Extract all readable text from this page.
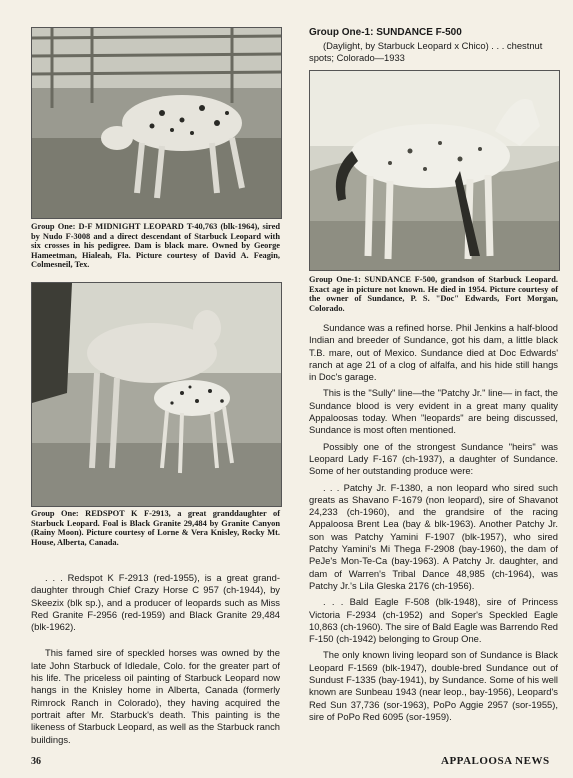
Group One: D-F MIDNIGHT LEOPARD T-40,763 (blk-1964), sired by Nudo F-3008 and a direct descendant of Starbuck Leopard with six crosses in his pedigree. Dam is black mare. Owned by George Hameetman, Hialeah, Fla. Picture courtesy of David A. Feagin, Colmesneil, Tex.

Group One: REDSPOT K F-2913, a great granddaughter of Starbuck Leopard. Foal is Black Granite 29,484 by Granite Canyon (Rainy Moon). Picture courtesy of Lorne & Vera Knisley, Rocky Mt. House, Alberta, Canada.

. . . Redspot K F-2913 (red-1955), is a great grand-daughter through Chief Crazy Horse C 957 (ch-1944), by Skeezix (blk sp.), and a producer of leopards such as Miss Red Granite F-2956 (red-1959) and Black Granite 29,484 (blk-1962).

This famed sire of speckled horses was owned by the late John Starbuck of Idledale, Colo. for the greater part of his life. The priceless oil painting of Starbuck Leopard now hangs in the Knisley home in Alberta, Canada (formerly Rimrock Ranch in Colorado), they having acquired the portrait after Mr. Starbuck's death. This painting is the likeness of Starbuck Leopard, as well as the Starbuck ranch buildings.

Group One-1: SUNDANCE F-500

(Daylight, by Starbuck Leopard x Chico) . . . chestnut spots; Colorado—1933

Group One-1: SUNDANCE F-500, grandson of Starbuck Leopard. Exact age in picture not known. He died in 1954. Picture courtesy of the owner of Sundance, P. S. "Doc" Edwards, Fort Morgan, Colorado.

Sundance was a refined horse. Phil Jenkins a half-blood Indian and breeder of Sundance, got his dam, a little black T.B. mare, out of Mexico. Sundance died at Doc Edwards' ranch at age 21 of a clog of alfalfa, and his hide still hangs in Doc's garage.

This is the "Sully" line—the "Patchy Jr." line— in fact, the Sundance blood is very evident in a great many quality Appaloosas today. When "leopards" are being discussed, Sundance is most often mentioned.

Possibly one of the strongest Sundance "heirs" was Leopard Lady F-167 (ch-1937), a daughter of Sundance. Some of her outstanding produce were:

. . . Patchy Jr. F-1380, a non leopard who sired such greats as Shavano F-1679 (non leopard), sire of Shavanot 24,233 (ch-1960), and the grandsire of the racing Appaloosa Brent Lea (bay & blk-1963). Another Patchy Jr. son was Patchy Yamini F-1907 (blk-1957), who sired Patchy Yamini's Mi Thega F-2908 (bay-1960), the dam of PeJe's Mon-Te-Ca (bay-1963). A Patchy Jr. daughter, and dam of Warren's Tribal Dance 48,985 (ch-1964), was Patchy Jr.'s Lila Gleska 2176 (ch-1956).

. . . Bald Eagle F-508 (blk-1948), sire of Princess Victoria F-2934 (ch-1952) and Soper's Speckled Eagle 10,863 (ch-1960). The sire of Bald Eagle was Barrendo Red F-150 (ch-1942) belonging to Group One.

The only known living leopard son of Sundance is Black Leopard F-1569 (blk-1947), double-bred Sundance out of Sundust F-1335 (bay-1941), by Sundance. Some of his well known are Sunbeau 1943 (near leop., bay-1956), Leopard's Red Sun 37,736 (sor-1963), PoPo Aggie 2957 (sor-1955), sire of PoPo Red 6095 (sor-1959).

36	APPALOOSA NEWS
